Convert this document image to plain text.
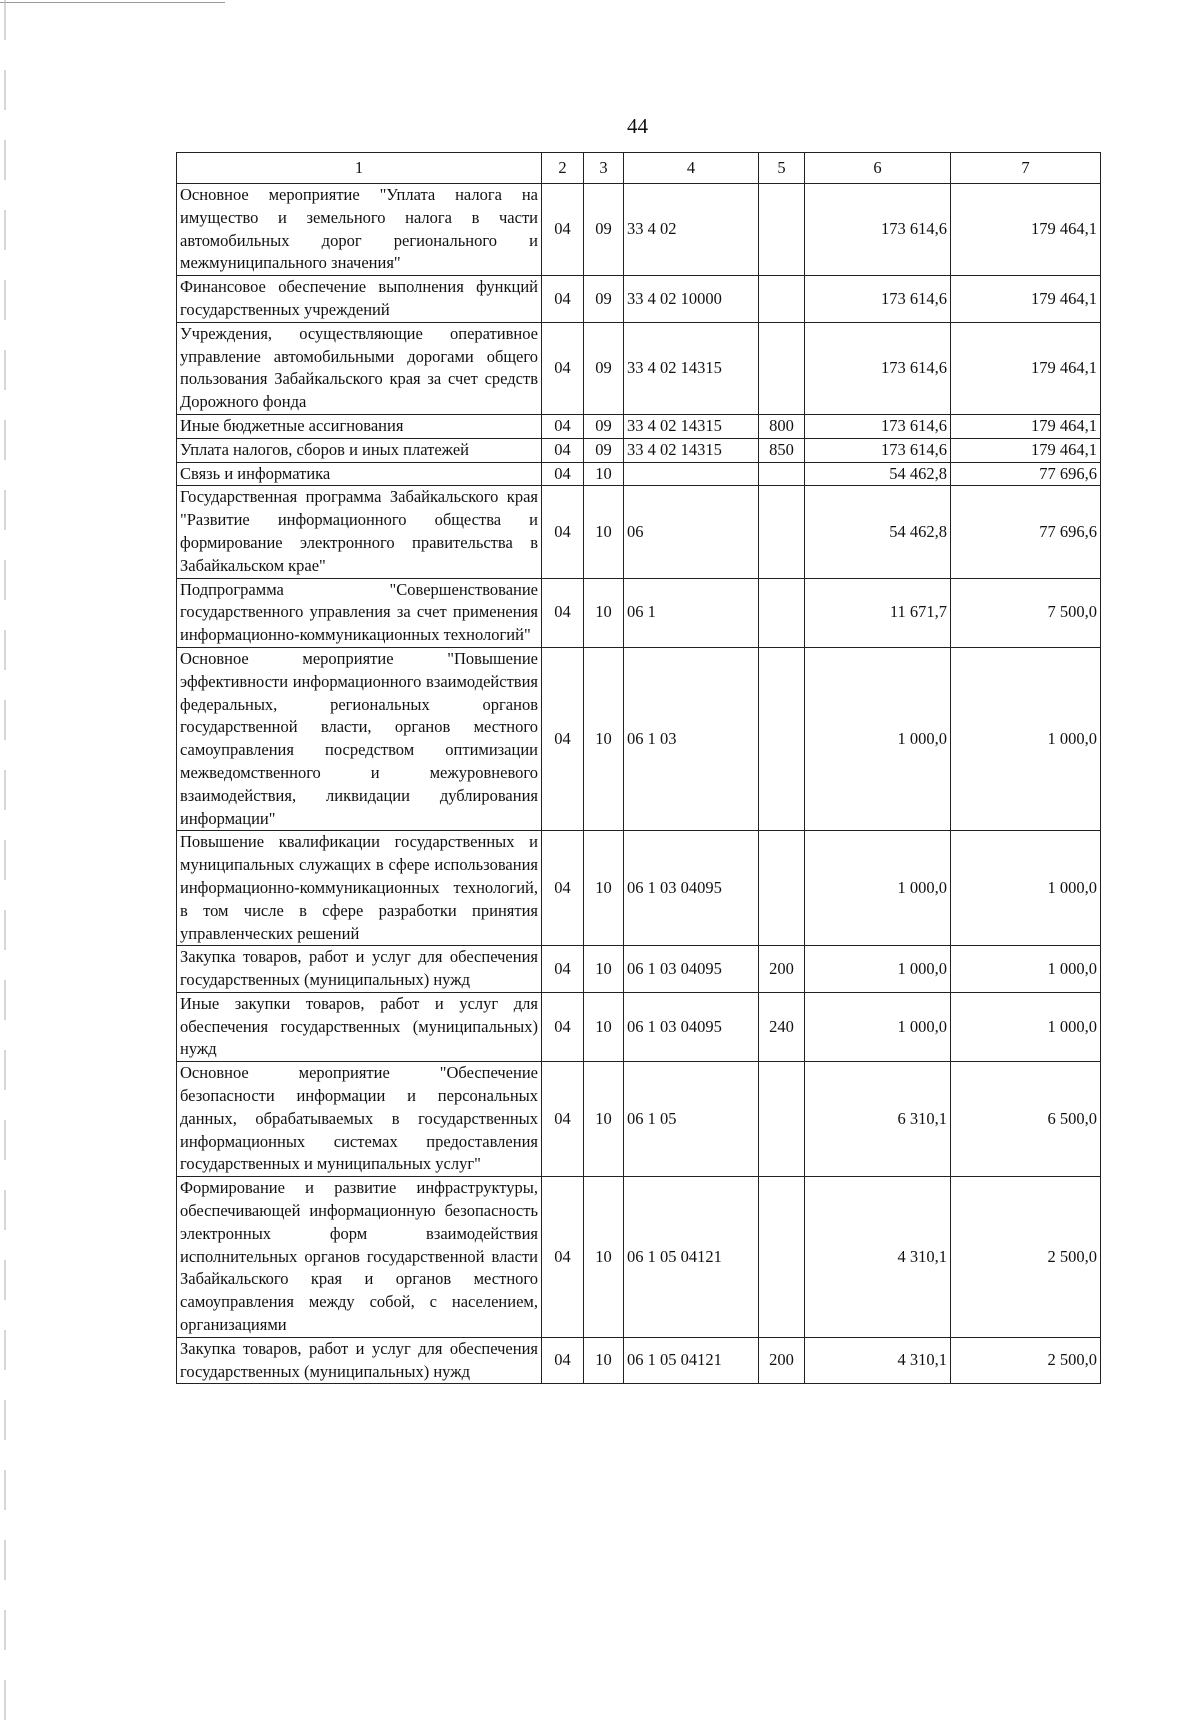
44
1	2	3	4	5	6	7
Основное мероприятие "Уплата налога на имущество и земельного налога в части автомобильных дорог регионального и межмуниципального значения"	04	09	33 4 02		173 614,6	179 464,1
Финансовое обеспечение выполнения функций государственных учреждений	04	09	33 4 02 10000		173 614,6	179 464,1
Учреждения, осуществляющие оперативное управление автомобильными дорогами общего пользования Забайкальского края за счет средств Дорожного фонда	04	09	33 4 02 14315		173 614,6	179 464,1
Иные бюджетные ассигнования	04	09	33 4 02 14315	800	173 614,6	179 464,1
Уплата налогов, сборов и иных платежей	04	09	33 4 02 14315	850	173 614,6	179 464,1
Связь и информатика	04	10			54 462,8	77 696,6
Государственная программа Забайкальского края "Развитие информационного общества и формирование электронного правительства в Забайкальском крае"	04	10	06		54 462,8	77 696,6
Подпрограмма "Совершенствование государственного управления за счет применения информационно-коммуникационных технологий"	04	10	06 1		11 671,7	7 500,0
Основное мероприятие "Повышение эффективности информационного взаимодействия федеральных, региональных органов государственной власти, органов местного самоуправления посредством оптимизации межведомственного и межуровневого взаимодействия, ликвидации дублирования информации"	04	10	06 1 03		1 000,0	1 000,0
Повышение квалификации государственных и муниципальных служащих в сфере использования информационно-коммуникационных технологий, в том числе в сфере разработки принятия управленческих решений	04	10	06 1 03 04095		1 000,0	1 000,0
Закупка товаров, работ и услуг для обеспечения государственных (муниципальных) нужд	04	10	06 1 03 04095	200	1 000,0	1 000,0
Иные закупки товаров, работ и услуг для обеспечения государственных (муниципальных) нужд	04	10	06 1 03 04095	240	1 000,0	1 000,0
Основное мероприятие "Обеспечение безопасности информации и персональных данных, обрабатываемых в государственных информационных системах предоставления государственных и муниципальных услуг"	04	10	06 1 05		6 310,1	6 500,0
Формирование и развитие инфраструктуры, обеспечивающей информационную безопасность электронных форм взаимодействия исполнительных органов государственной власти Забайкальского края и органов местного самоуправления между собой, с населением, организациями	04	10	06 1 05 04121		4 310,1	2 500,0
Закупка товаров, работ и услуг для обеспечения государственных (муниципальных) нужд	04	10	06 1 05 04121	200	4 310,1	2 500,0
